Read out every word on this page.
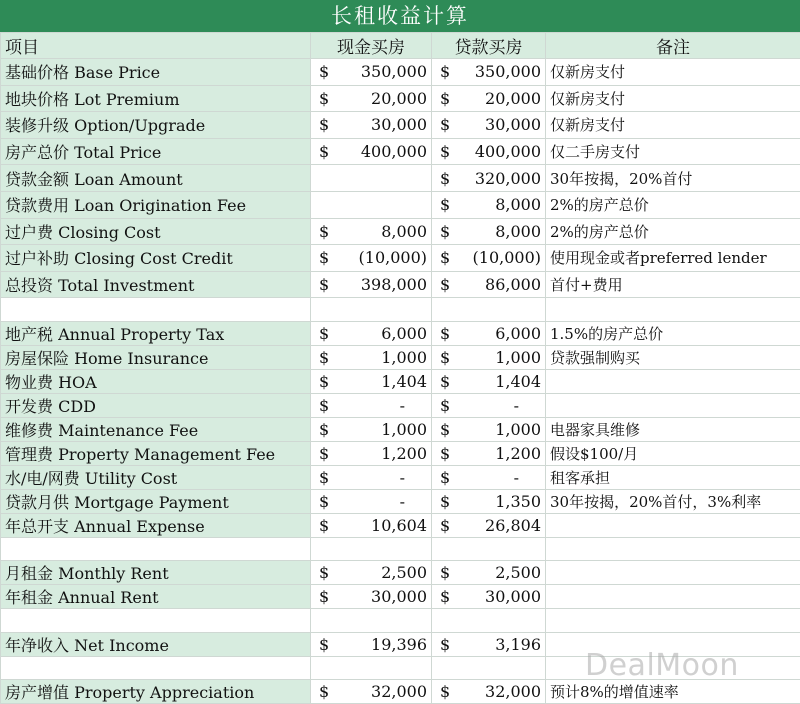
长租收益计算
项目	现金买房	贷款买房	备注
基础价格 Base Price	$ 350,000	$ 350,000	仅新房支付
地块价格 Lot Premium	$ 20,000	$ 20,000	仅新房支付
装修升级 Option/Upgrade	$ 30,000	$ 30,000	仅新房支付
房产总价 Total Price	$ 400,000	$ 400,000	仅二手房支付
贷款金额 Loan Amount		$ 320,000	30年按揭，20%首付
贷款费用 Loan Origination Fee		$ 8,000	2%的房产总价
过户费 Closing Cost	$ 8,000	$ 8,000	2%的房产总价
过户补助 Closing Cost Credit	$ (10,000)	$ (10,000)	使用现金或者preferred lender
总投资 Total Investment	$ 398,000	$ 86,000	首付+费用

地产税 Annual Property Tax	$ 6,000	$ 6,000	1.5%的房产总价
房屋保险 Home Insurance	$ 1,000	$ 1,000	贷款强制购买
物业费 HOA	$ 1,404	$ 1,404	

开发费 CDD	$ -	$ -	

维修费 Maintenance Fee	$ 1,000	$ 1,000	电器家具维修
管理费 Property Management Fee	$ 1,200	$ 1,200	假设$100/月
水/电/网费 Utility Cost	$ -	$ -	租客承担
贷款月供 Mortgage Payment	$ -	$ 1,350	30年按揭，20%首付，3%利率
年总开支 Annual Expense	$ 10,604	$ 26,804	

月租金 Monthly Rent	$ 2,500	$ 2,500	

年租金 Annual Rent	$ 30,000	$ 30,000	

年净收入 Net Income	$ 19,396	$ 3,196	

房产增值 Property Appreciation	$ 32,000	$ 32,000	预计8%的增值速率
DealMoon
